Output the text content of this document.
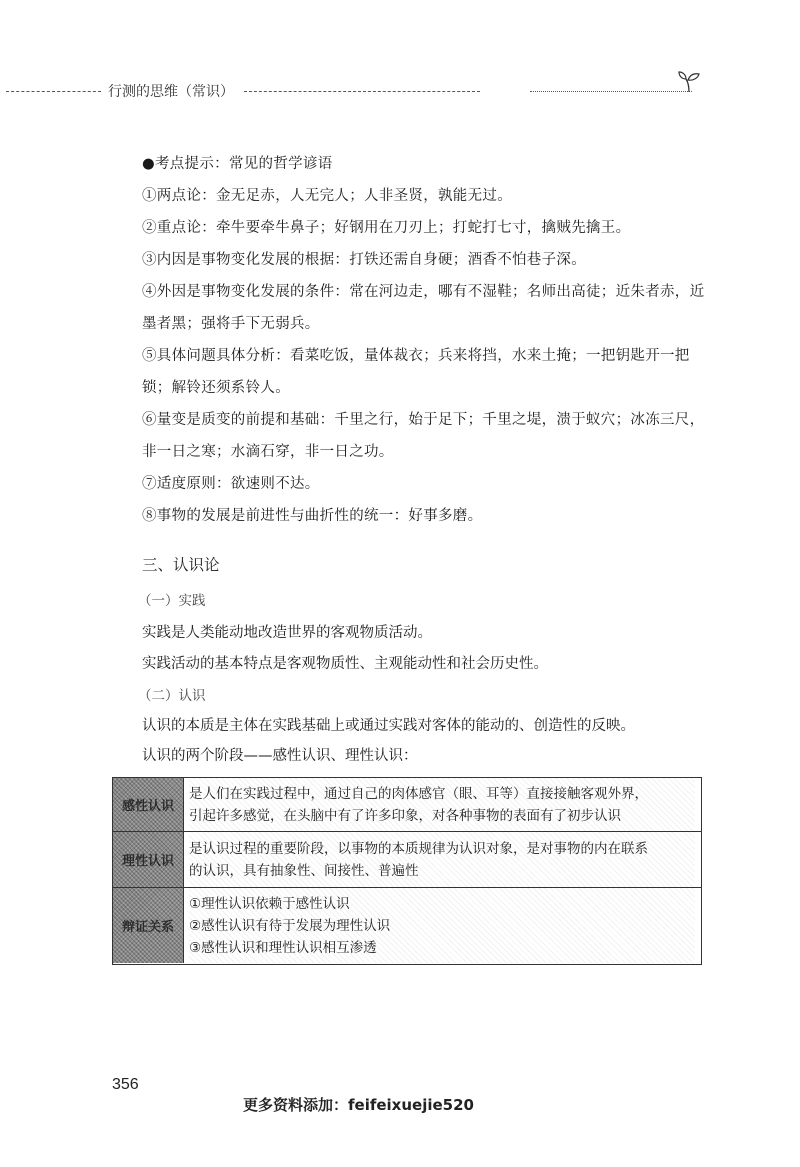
行测的思维（常识）
●考点提示：常见的哲学谚语
①两点论：金无足赤，人无完人；人非圣贤，孰能无过。
②重点论：牵牛要牵牛鼻子；好钢用在刀刃上；打蛇打七寸，擒贼先擒王。
③内因是事物变化发展的根据：打铁还需自身硬；酒香不怕巷子深。
④外因是事物变化发展的条件：常在河边走，哪有不湿鞋；名师出高徒；近朱者赤，近墨者黑；强将手下无弱兵。
⑤具体问题具体分析：看菜吃饭，量体裁衣；兵来将挡，水来土掩；一把钥匙开一把锁；解铃还须系铃人。
⑥量变是质变的前提和基础：千里之行，始于足下；千里之堤，溃于蚁穴；冰冻三尺，非一日之寒；水滴石穿，非一日之功。
⑦适度原则：欲速则不达。
⑧事物的发展是前进性与曲折性的统一：好事多磨。
三、认识论
（一）实践
实践是人类能动地改造世界的客观物质活动。
实践活动的基本特点是客观物质性、主观能动性和社会历史性。
（二）认识
认识的本质是主体在实践基础上或通过实践对客体的能动的、创造性的反映。
认识的两个阶段——感性认识、理性认识：
感性认识
是人们在实践过程中，通过自己的肉体感官（眼、耳等）直接接触客观外界，
引起许多感觉，在头脑中有了许多印象，对各种事物的表面有了初步认识
理性认识
是认识过程的重要阶段，以事物的本质规律为认识对象，是对事物的内在联系
的认识，具有抽象性、间接性、普遍性
辩证关系
①理性认识依赖于感性认识
②感性认识有待于发展为理性认识
③感性认识和理性认识相互渗透
356
更多资料添加：feifeixuejie520
